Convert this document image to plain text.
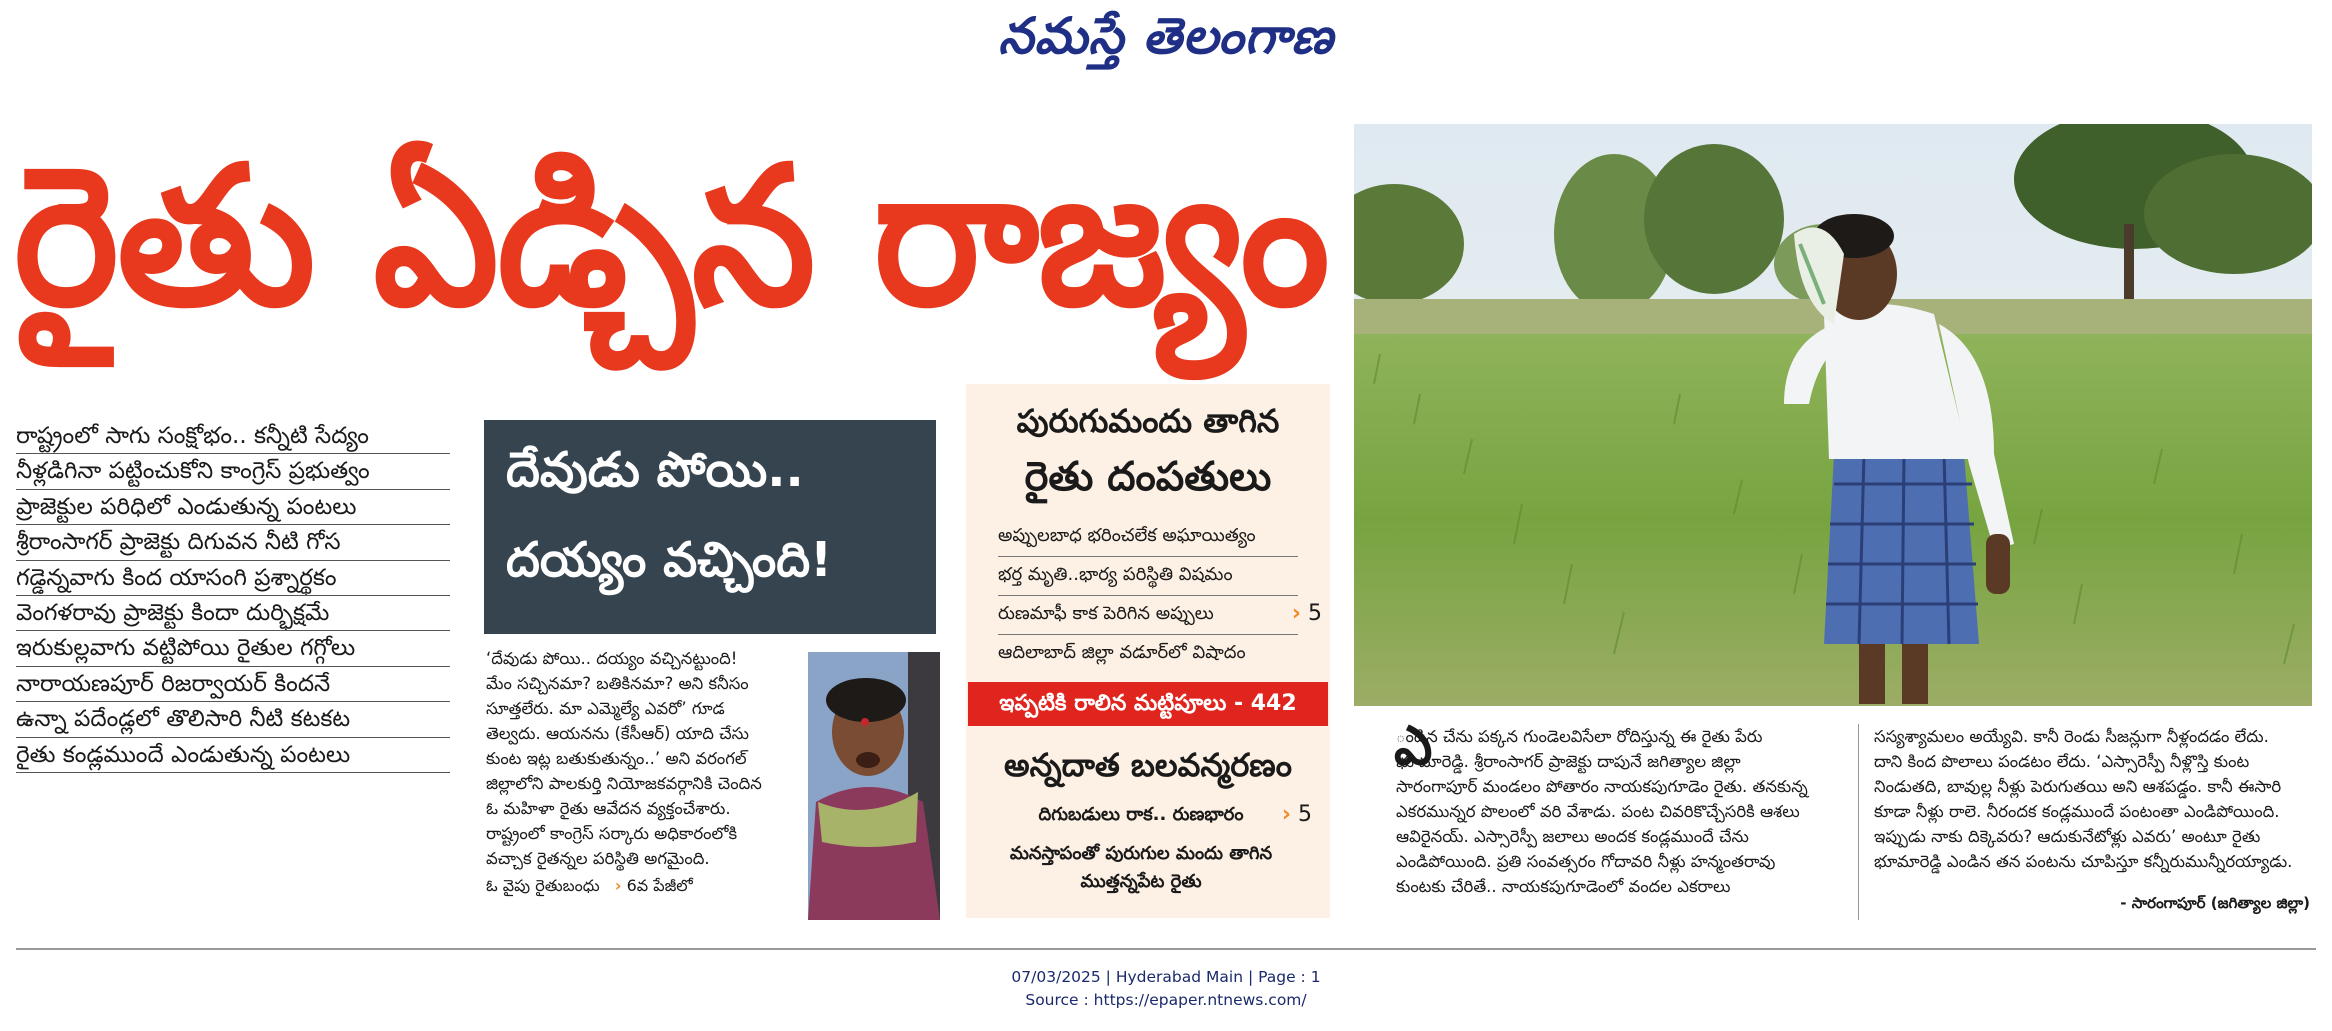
నమస్తే తెలంగాణ
రైతు ఏడ్చిన రాజ్యం
రాష్ట్రంలో సాగు సంక్షోభం.. కన్నీటి సేద్యం
నీళ్లడిగినా పట్టించుకోని కాంగ్రెస్ ప్రభుత్వం
ప్రాజెక్టుల పరిధిలో ఎండుతున్న పంటలు
శ్రీరాంసాగర్ ప్రాజెక్టు దిగువన నీటి గోస
గడ్డెన్నవాగు కింద యాసంగి ప్రశ్నార్థకం
వెంగళరావు ప్రాజెక్టు కిందా దుర్భిక్షమే
ఇరుకుల్లవాగు వట్టిపోయి రైతుల గగ్గోలు
నారాయణపూర్ రిజర్వాయర్ కిందనే
ఉన్నా పదేండ్లలో తొలిసారి నీటి కటకట
రైతు కండ్లముందే ఎండుతున్న పంటలు
దేవుడు పోయి..
దయ్యం వచ్చింది!
‘దేవుడు పోయి.. దయ్యం వచ్చినట్టుంది!
మేం సచ్చినమా? బతికినమా? అని కనీసం
సూత్తలేరు. మా ఎమ్మెల్యే ఎవరో’ గూడ
తెల్వదు. ఆయనను (కేసీఆర్) యాది చేసు
కుంట ఇట్ల బతుకుతున్నం..’ అని వరంగల్
జిల్లాలోని పాలకుర్తి నియోజకవర్గానికి చెందిన
ఓ మహిళా రైతు ఆవేదన వ్యక్తంచేశారు.
రాష్ట్రంలో కాంగ్రెస్ సర్కారు అధికారంలోకి
వచ్చాక రైతన్నల పరిస్థితి అగమైంది.
ఓ వైపు రైతుబంధు › 6వ పేజీలో
పురుగుమందు తాగిన
రైతు దంపతులు
అప్పులబాధ భరించలేక అఘాయిత్యం
భర్త మృతి..భార్య పరిస్థితి విషమం
రుణమాఫీ కాక పెరిగిన అప్పులు	› 5
ఆదిలాబాద్ జిల్లా వడూర్‌లో విషాదం
ఇప్పటికి రాలిన మట్టిపూలు - 442
అన్నదాత బలవన్మరణం
దిగుబడులు రాక.. రుణభారం	› 5
మనస్తాపంతో పురుగుల మందు తాగిన ముత్తన్నపేట రైతు
ఎ
ండిన చేను పక్కన గుండెలవిసేలా రోదిస్తున్న ఈ రైతు పేరు
భూమారెడ్డి. శ్రీరాంసాగర్ ప్రాజెక్టు దాపునే జగిత్యాల జిల్లా
సారంగాపూర్ మండలం పోతారం నాయకపుగూడెం రైతు. తనకున్న
ఎకరమున్నర పొలంలో వరి వేశాడు. పంట చివరికొచ్చేసరికి ఆశలు
ఆవిరైనయ్. ఎస్సారెస్పీ జలాలు అందక కండ్లముందే చేను
ఎండిపోయింది. ప్రతి సంవత్సరం గోదావరి నీళ్లు హన్మంతరావు
కుంటకు చేరితే.. నాయకపుగూడెంలో వందల ఎకరాలు
సస్యశ్యామలం అయ్యేవి. కానీ రెండు సీజన్లుగా నీళ్లందడం లేదు.
దాని కింద పొలాలు పండటం లేదు. ‘ఎస్సారెస్పీ నీళ్లొస్తి కుంట
నిండుతది, బావుల్ల నీళ్లు పెరుగుతయి అని ఆశపడ్డం. కానీ ఈసారి
కూడా నీళ్లు రాలె. నీరందక కండ్లముందే పంటంతా ఎండిపోయింది.
ఇప్పుడు నాకు దిక్కెవరు? ఆదుకునేటోళ్లు ఎవరు’ అంటూ రైతు
భూమారెడ్డి ఎండిన తన పంటను చూపిస్తూ కన్నీరుమున్నీరయ్యాడు.
- సారంగాపూర్ (జగిత్యాల జిల్లా)
07/03/2025 | Hyderabad Main | Page : 1
Source : https://epaper.ntnews.com/
